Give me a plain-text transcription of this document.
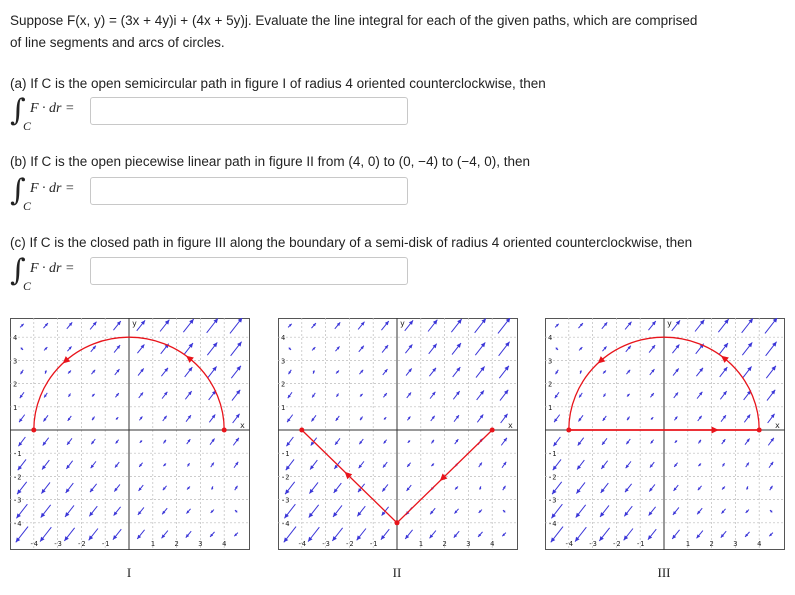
Suppose F(x, y) = (3x + 4y)i + (4x + 5y)j. Evaluate the line integral for each of the given paths, which are comprised
of line segments and arcs of circles.
(a) If C is the open semicircular path in figure I of radius 4 oriented counterclockwise, then
∫
C
F · dr =
(b) If C is the open piecewise linear path in figure II from (4, 0) to (0, −4) to (−4, 0), then
∫
C
F · dr =
(c) If C is the closed path in figure III along the boundary of a semi-disk of radius 4 oriented counterclockwise, then
∫
C
F · dr =
x
y
-4 -3 -2 -1	1	2	3	4
4
3
2
1
-1
-2
-3
-4
x
y
-4 -3 -2 -1	1	2	3	4
4
3
2
1
-1
-2
-3
-4
x
y
-4 -3 -2 -1	1	2	3	4
4
3
2
1
-1
-2
-3
-4
I	II	III
